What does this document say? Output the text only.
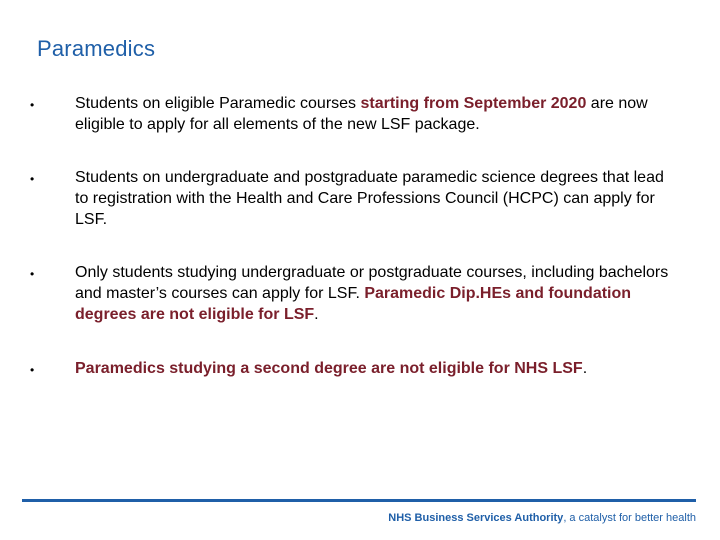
Paramedics
•	Students on eligible Paramedic courses starting from September 2020 are now eligible to apply for all elements of the new LSF package.
•	Students on undergraduate and postgraduate paramedic science degrees that lead to registration with the Health and Care Professions Council (HCPC) can apply for LSF.
•	Only students studying undergraduate or postgraduate courses, including bachelors and master’s courses can apply for LSF. Paramedic Dip.HEs and foundation degrees are not eligible for LSF.
•	Paramedics studying a second degree are not eligible for NHS LSF.
NHS Business Services Authority, a catalyst for better health
